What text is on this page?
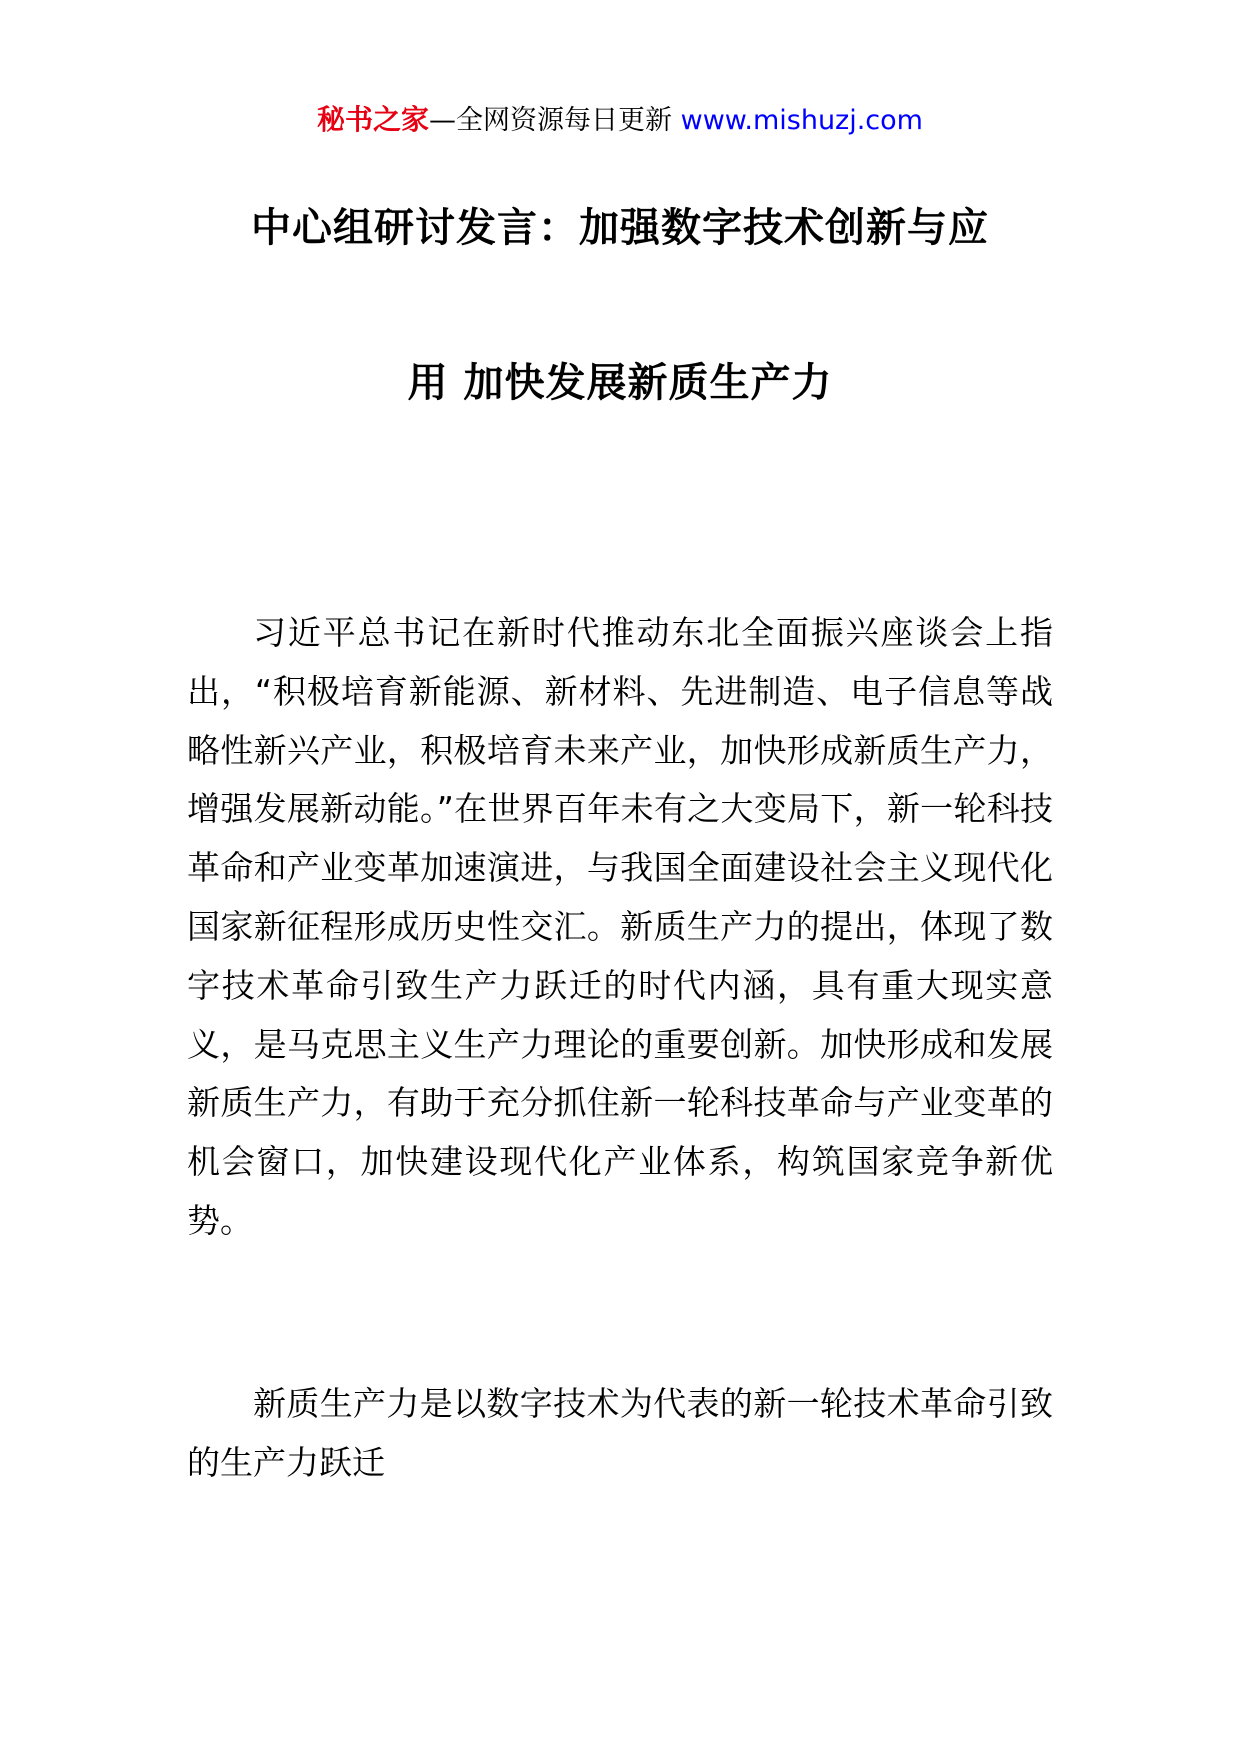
秘书之家—全网资源每日更新 www.mishuzj.com
中心组研讨发言：加强数字技术创新与应
用 加快发展新质生产力

习近平总书记在新时代推动东北全面振兴座谈会上指出，“积极培育新能源、新材料、先进制造、电子信息等战略性新兴产业，积极培育未来产业，加快形成新质生产力，增强发展新动能。”在世界百年未有之大变局下，新一轮科技革命和产业变革加速演进，与我国全面建设社会主义现代化国家新征程形成历史性交汇。新质生产力的提出，体现了数字技术革命引致生产力跃迁的时代内涵，具有重大现实意义，是马克思主义生产力理论的重要创新。加快形成和发展新质生产力，有助于充分抓住新一轮科技革命与产业变革的机会窗口，加快建设现代化产业体系，构筑国家竞争新优势。

新质生产力是以数字技术为代表的新一轮技术革命引致的生产力跃迁
